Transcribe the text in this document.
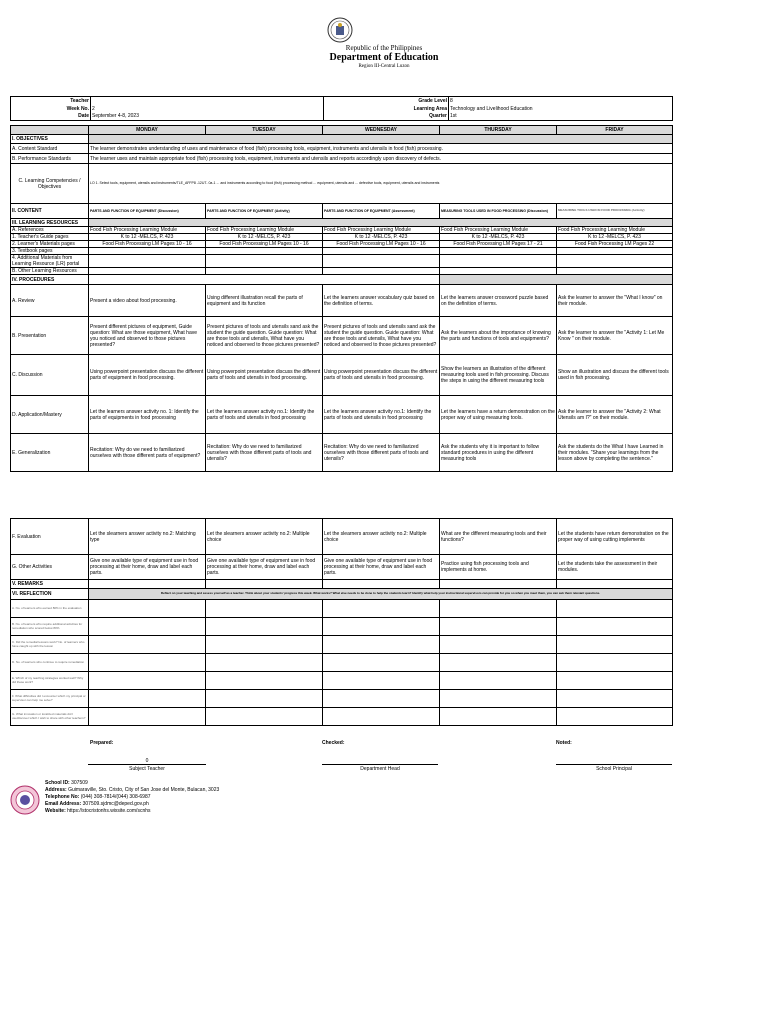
Republic of the Philippines
Department of Education
Region III-Central Luzon
Teacher		Grade Level	8
Week No.	2	Learning Area	Technology and Livelihood Education
Date	September 4-8, 2023	Quarter	1st
	MONDAY	TUESDAY	WEDNESDAY	THURSDAY	FRIDAY
I. OBJECTIVES					
A. Content Standard	The learner demonstrates understanding of uses and maintenance of food (fish) processing tools, equipment, instruments and utensils in food (fish) processing.				
B. Performance Standards	The learner uses and maintain appropriate food (fish) processing tools, equipment, instruments and utensils and reports accordingly upon discovery of defects.				
C. Learning Competencies / Objectives	LO 1. Select tools, equipment, utensils and instruments/TLE_AFFP8 -12UT- 0a-1 ... and instruments according to food (fish) processing method ... equipment, utensils and ... defective tools, equipment, utensils and instruments				
II. CONTENT	PARTS AND FUNCTION OF EQUIPMENT (Discussion)	PARTS AND FUNCTION OF EQUIPMENT (Activity)	PARTS AND FUNCTION OF EQUIPMENT (Assessment)	MEASURING TOOLS USED IN FOOD PROCESSING (Discussion)	MEASURING TOOLS USED IN FOOD PROCESSING (Activity)
III. LEARNING RESOURCES					
A. References	Food Fish Processing Learning Module	Food Fish Processing Learning Module	Food Fish Processing Learning Module	Food Fish Processing Learning Module	Food Fish Processing Learning Module
1. Teacher's Guide pages	K to 12 -MELCS, P. 423	K to 12 -MELCS, P. 423	K to 12 -MELCS, P. 423	K to 12 -MELCS, P. 423	K to 12 -MELCS, P. 423
2. Learner's Materials pages	Food Fish Processing LM Pages 10 - 16	Food Fish Processing LM Pages 10 - 16	Food Fish Processing LM Pages 10 - 16	Food Fish Processing LM Pages 17 - 21	Food Fish Processing LM Pages 22
3. Textbook pages					
4. Additional Materials from Learning Resource (LR) portal					
B. Other Learning Resources					
IV. PROCEDURES					
A. Review	Present a video about food processing.	Using different illustration recall the parts of equipment and its function	Let the learners answer vocabulary quiz based on the definition of terms.	Let the learners answer crossword puzzle based on the definition of terms.	Ask the learner to answer the "What I know" on their module.
B. Presentation	Present different pictures of equipment, Guide question: What are those equipment, What have you noticed and observed to those pictures presented?	Present pictures of tools and utensils sand ask the student the guide question. Guide question: What are those tools and utensils, What have you noticed and observed to those pictures presented?	Present pictures of tools and utensils sand ask the student the guide question. Guide question: What are those tools and utensils, What have you noticed and observed to those pictures presented?	Ask the learners about the importance of knowing the parts and functions of tools and equipments?	Ask the learner to answer the "Activity 1: Let Me Know " on their module.
C. Discussion	Using powerpoint presentation discuss the different parts of equipment in food processing.	Using powerpoint presentation discuss the different parts of tools and utensils in food processing.	Using powerpoint presentation discuss the different parts of tools and utensils in food processing.	Show the learners an illustration of the different measuring tools used in fish processing. Discuss the steps in using the different measuring tools	Show an illustration and discuss the different tools used in fish processing.
D. Application/Mastery	Let the learners answer activity no. 1: Identify the parts of equipments in food processing	Let the learners answer activity no.1: Identify the parts of tools and utensils in food processing	Let the learners answer activity no.1: Identify the parts of tools and utensils in food processing	Let the learners have a return demonstration on the proper way of using measuring tools.	Ask the learner to answer the "Activity 2: What Utensils am I?" on their module.
E. Generalization	Recitation: Why do we need to familiarized ourselves with those different parts of equipment?	Recitation: Why do we need to familiarized ourselves with those different parts of tools and utensils?	Recitation: Why do we need to familiarized ourselves with those different parts of tools and utensils?	Ask the students why it is important to follow standard procedures in using the different measuring tools	Ask the students do the What I have Learned in their modules. "Share your learnings from the lesson above by completing the sentence."
F. Evaluation	Let the slearners answer activity no.2: Matching type	Let the slearners answer activity no.2: Multiple choice	Let the slearners answer activity no.2: Multiple choice	What are the different measuring tools and their functions?	Let the students have return demonstration on the proper way of using cutting implements
G. Other Activities	Give one available type of equipment use in food processing at their home, draw and label each parts.	Give one available type of equipment use in food processing at their home, draw and label each parts.	Give one available type of equipment use in food processing at their home, draw and label each parts.	Practice using fish processing tools and implements at home.	Let the students take the assessment in their modules.
V. REMARKS					
VI. REFLECTION	Reflect on your teaching and assess yourself as a teacher. Think about your students' progress this week. What works? What else needs to be done to help the students learn? Identify what help your instructional supervisors can provide for you so when you meet them, you can ask them relevant questions.				
A. No. of learners who earned 80% in the evaluation					
B. No. of learners who require additional activities for remediation who scored below 80%					
C. Did the remedial lessons work? No. of learners who have caught up with the lesson					
D. No. of learners who continue to require remediation					
E. Which of my teaching strategies worked well? Why did these work?					
F. What difficulties did I encounter which my principal or supervisor can help me solve?					
G. What innovation or localized materials did I use/discover which I wish to share with other teachers?					
Prepared:
0
Subject Teacher
Checked:
Department Head
Noted:
School Principal
School ID: 307509
Address: Guimaraville, Sto. Cristo, City of San Jose del Monte, Bulacan, 3023
Telephone No: (044) 308-7814/(044) 308-6987
Email Address: 307509.sjdmc@deped.gov.ph
Website: https://stocristonhs.wixsite.com/scnhs
